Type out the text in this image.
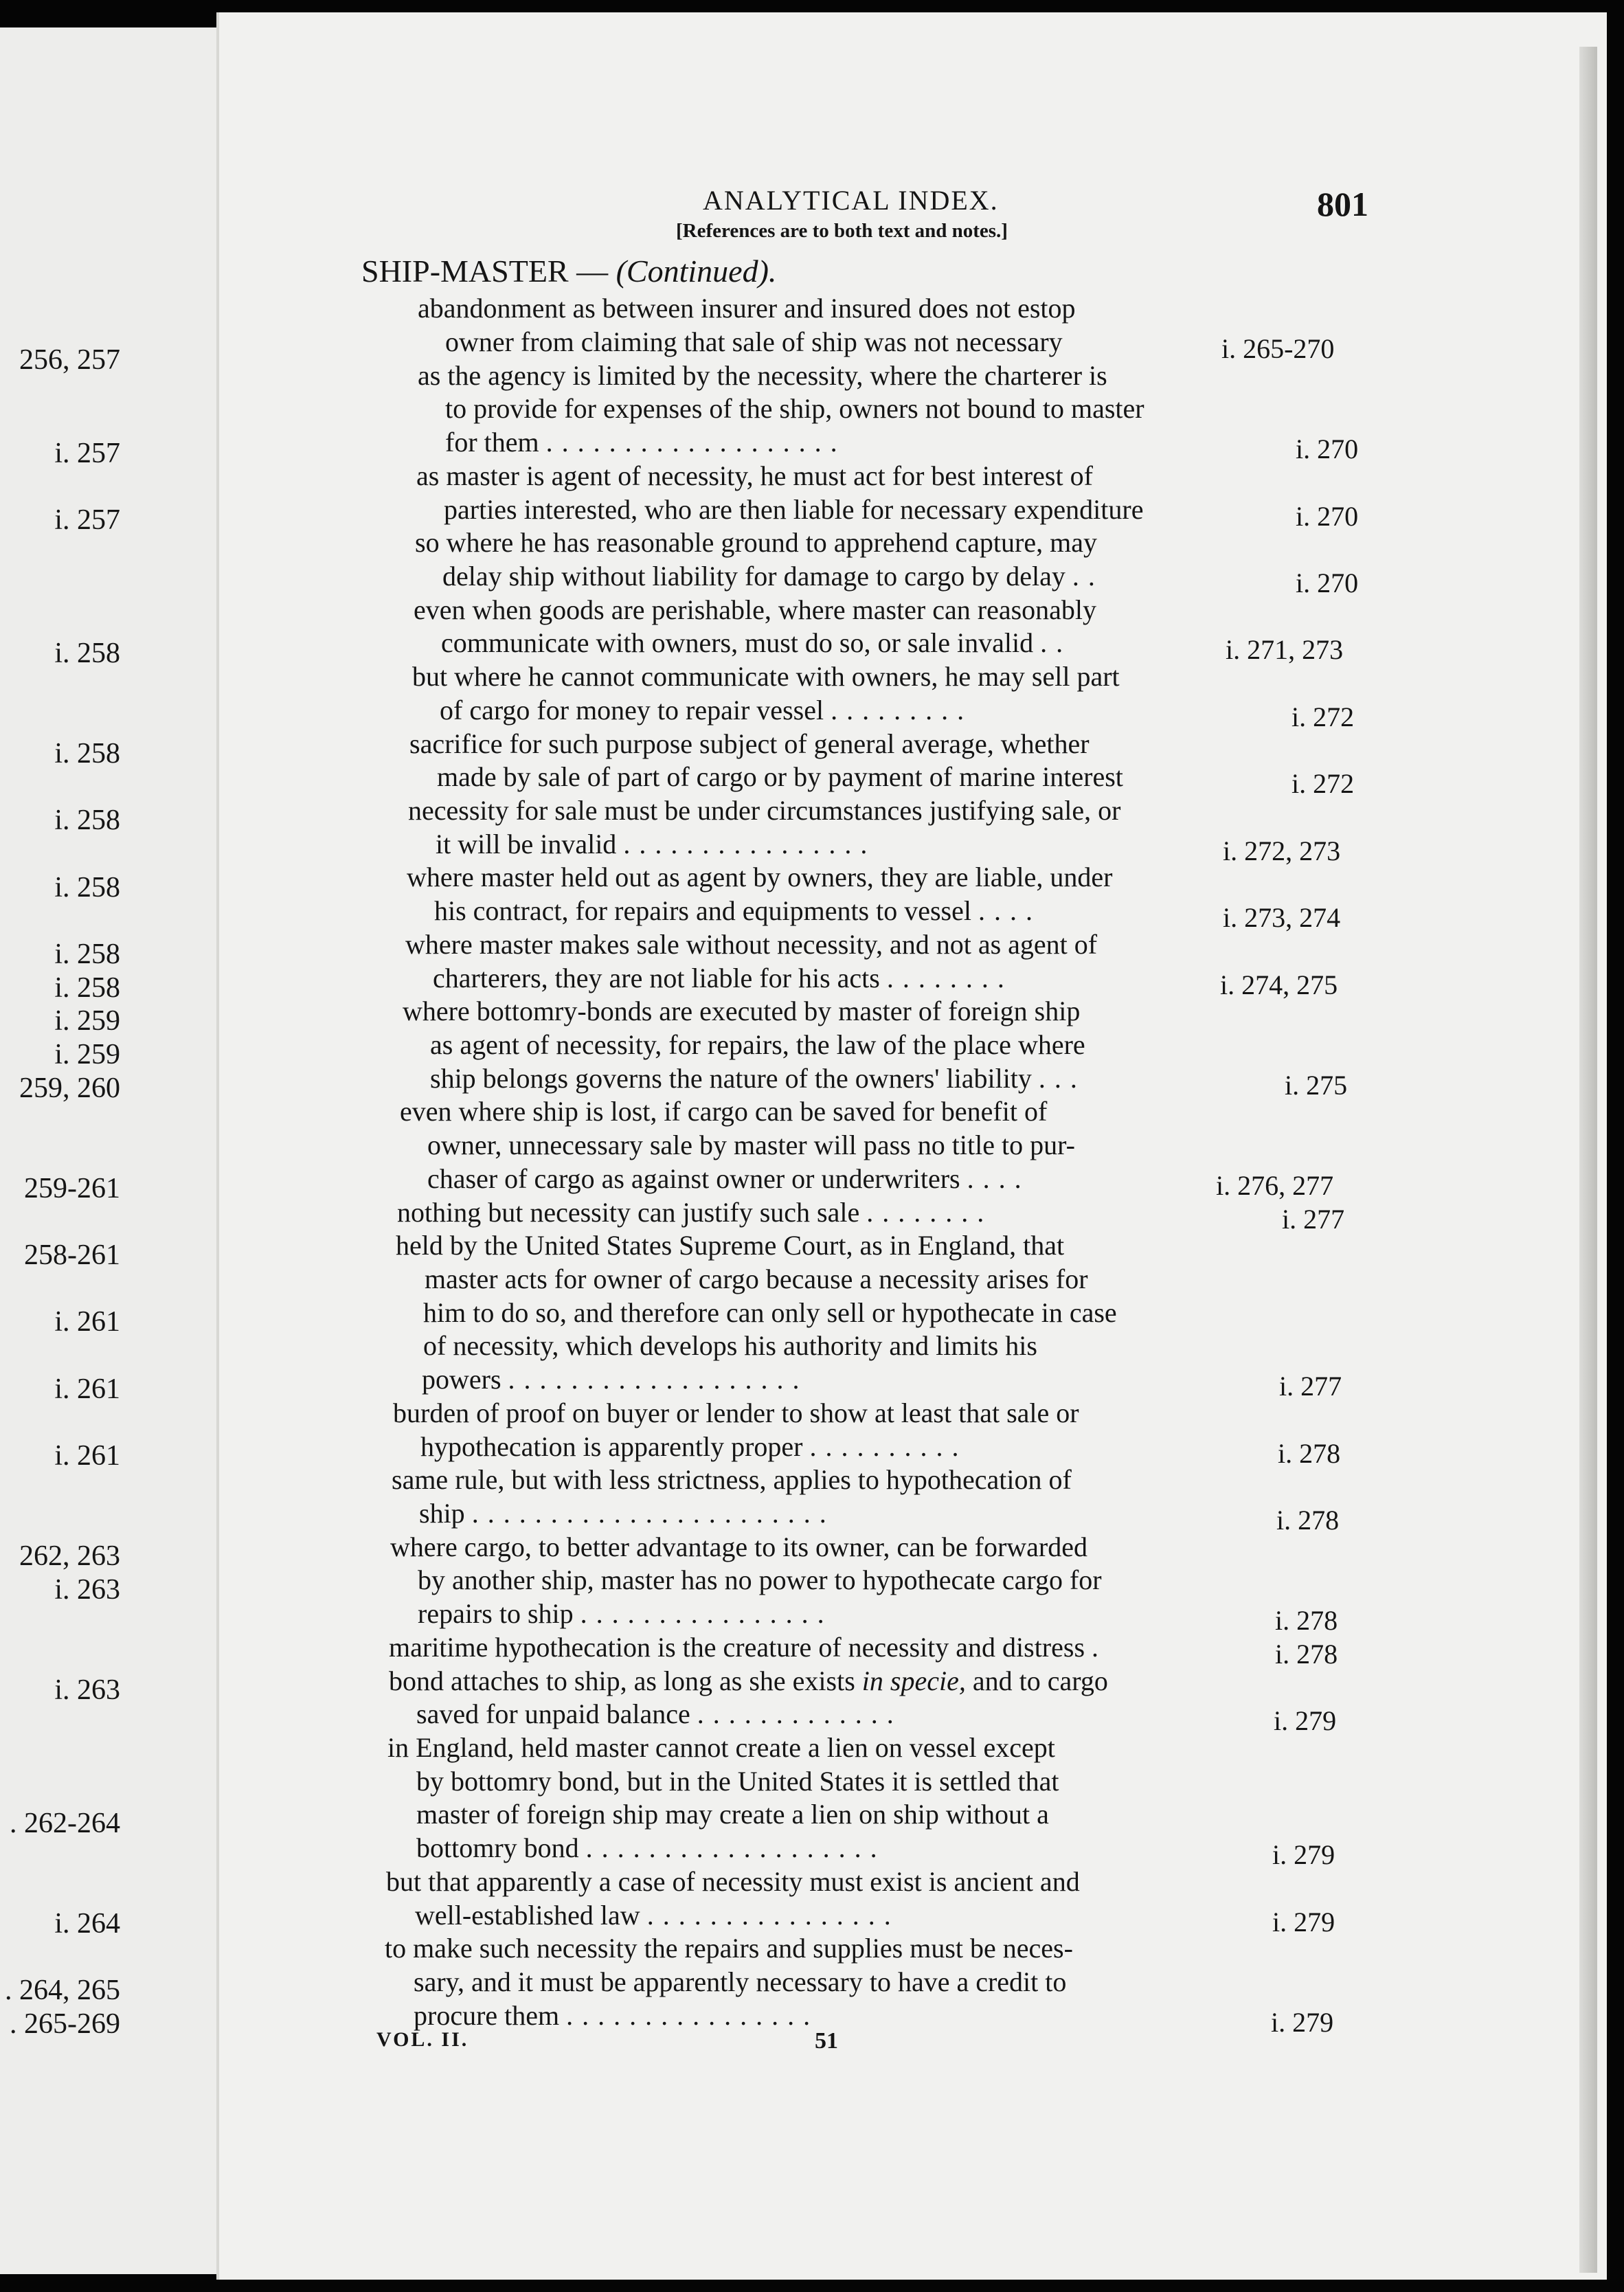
256, 257
i. 257
i. 257
i. 258
i. 258
i. 258
i. 258
i. 258
i. 258
i. 259
i. 259
259, 260
259-261
258-261
i. 261
i. 261
i. 261
262, 263
i. 263
i. 263
. 262-264
i. 264
. 264, 265
. 265-269
ANALYTICAL INDEX.	801
[References are to both text and notes.]
SHIP-MASTER — (Continued).
abandonment as between insurer and insured does not estop
owner from claiming that sale of ship was not necessary
as the agency is limited by the necessity, where the charterer is
to provide for expenses of the ship, owners not bound to master
for them ...................
as master is agent of necessity, he must act for best interest of
parties interested, who are then liable for necessary expenditure
so where he has reasonable ground to apprehend capture, may
delay ship without liability for damage to cargo by delay ..
even when goods are perishable, where master can reasonably
communicate with owners, must do so, or sale invalid ..
but where he cannot communicate with owners, he may sell part
of cargo for money to repair vessel .........
sacrifice for such purpose subject of general average, whether
made by sale of part of cargo or by payment of marine interest
necessity for sale must be under circumstances justifying sale, or
it will be invalid ................
where master held out as agent by owners, they are liable, under
his contract, for repairs and equipments to vessel ....
where master makes sale without necessity, and not as agent of
charterers, they are not liable for his acts ........
where bottomry-bonds are executed by master of foreign ship
as agent of necessity, for repairs, the law of the place where
ship belongs governs the nature of the owners' liability ...
even where ship is lost, if cargo can be saved for benefit of
owner, unnecessary sale by master will pass no title to pur-
chaser of cargo as against owner or underwriters ....
nothing but necessity can justify such sale ........
held by the United States Supreme Court, as in England, that
master acts for owner of cargo because a necessity arises for
him to do so, and therefore can only sell or hypothecate in case
of necessity, which develops his authority and limits his
powers ...................
burden of proof on buyer or lender to show at least that sale or
hypothecation is apparently proper ..........
same rule, but with less strictness, applies to hypothecation of
ship .......................
where cargo, to better advantage to its owner, can be forwarded
by another ship, master has no power to hypothecate cargo for
repairs to ship ................
maritime hypothecation is the creature of necessity and distress .
bond attaches to ship, as long as she exists in specie, and to cargo
saved for unpaid balance .............
in England, held master cannot create a lien on vessel except
by bottomry bond, but in the United States it is settled that
master of foreign ship may create a lien on ship without a
bottomry bond ...................
but that apparently a case of necessity must exist is ancient and
well-established law ................
to make such necessity the repairs and supplies must be neces-
sary, and it must be apparently necessary to have a credit to
procure them ................
i. 265-270
i. 270
i. 270
i. 270
i. 271, 273
i. 272
i. 272
i. 272, 273
i. 273, 274
i. 274, 275
i. 275
i. 276, 277
i. 277
i. 277
i. 278
i. 278
i. 278
i. 278
i. 279
i. 279
i. 279
i. 279
VOL. II.	51
